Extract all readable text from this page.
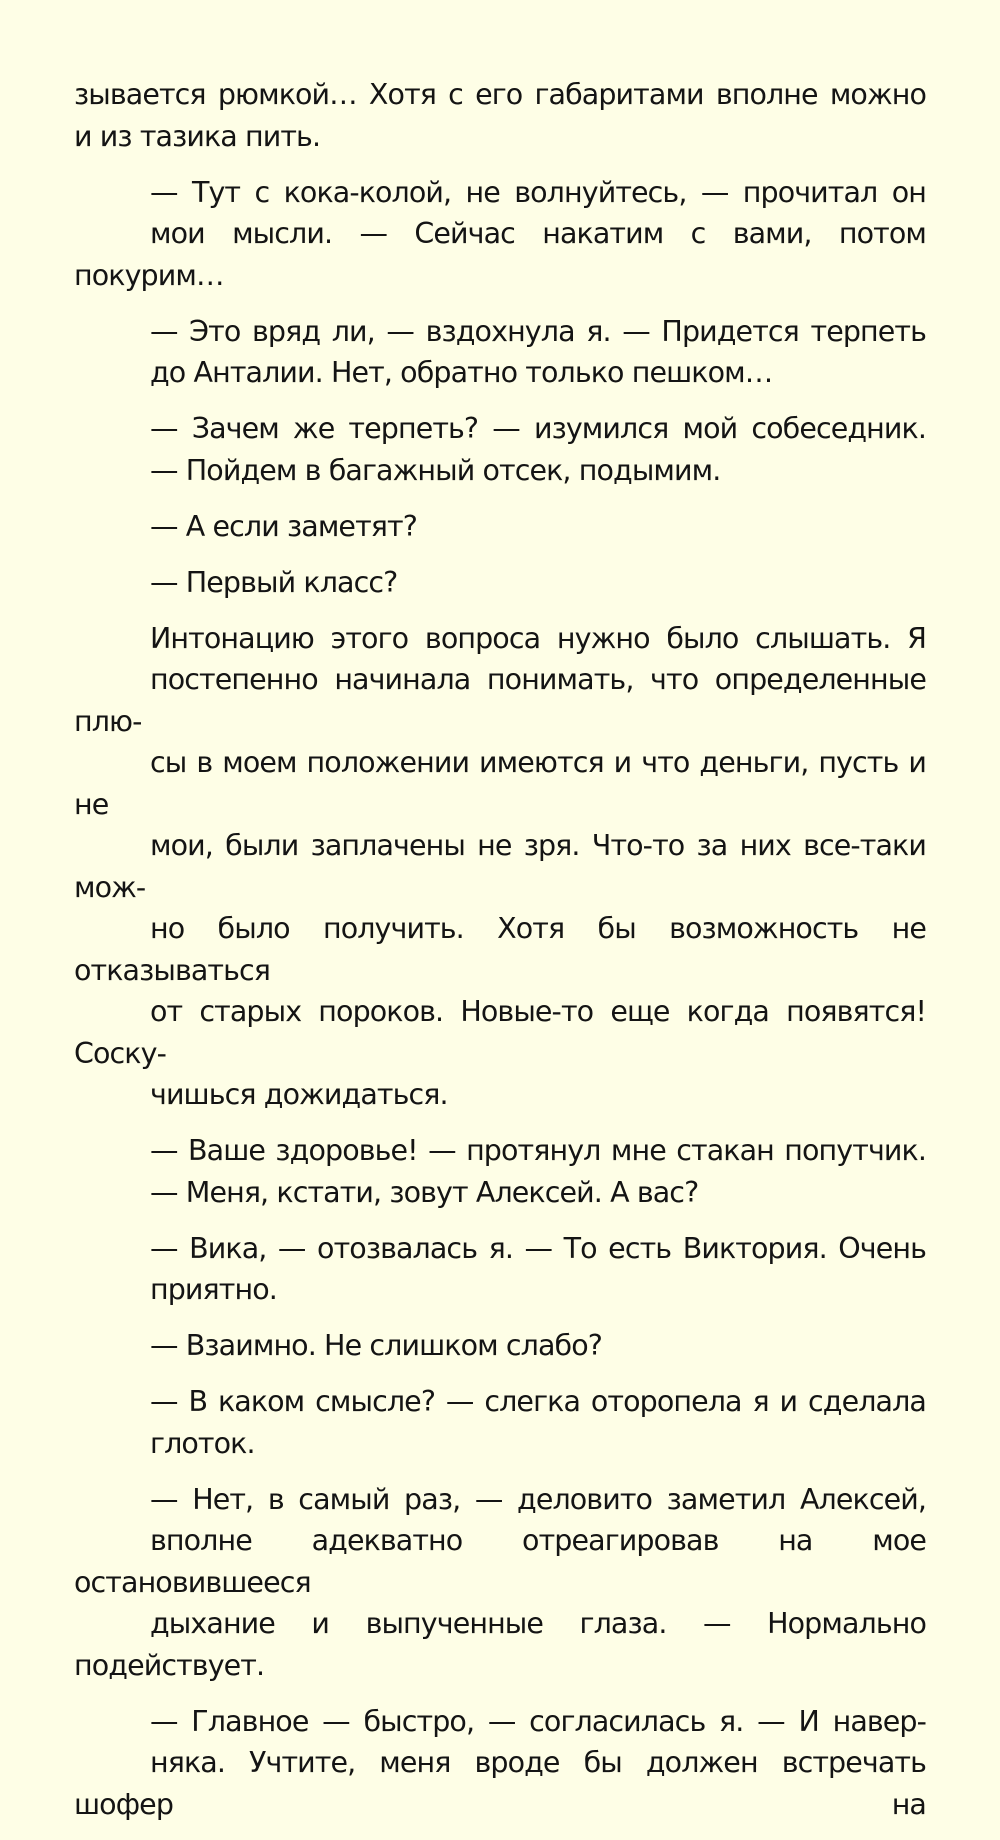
зывается рюмкой… Хотя с его габаритами вполне можно
и из тазика пить.
— Тут с кока-колой, не волнуйтесь, — прочитал он
мои мысли. — Сейчас накатим с вами, потом покурим…
— Это вряд ли, — вздохнула я. — Придется терпеть
до Анталии. Нет, обратно только пешком…
— Зачем же терпеть? — изумился мой собеседник.
— Пойдем в багажный отсек, подымим.
— А если заметят?
— Первый класс?
Интонацию этого вопроса нужно было слышать. Я
постепенно начинала понимать, что определенные плю-
сы в моем положении имеются и что деньги, пусть и не
мои, были заплачены не зря. Что-то за них все-таки мож-
но было получить. Хотя бы возможность не отказываться
от старых пороков. Новые-то еще когда появятся! Соску-
чишься дожидаться.
— Ваше здоровье! — протянул мне стакан попутчик.
— Меня, кстати, зовут Алексей. А вас?
— Вика, — отозвалась я. — То есть Виктория. Очень
приятно.
— Взаимно. Не слишком слабо?
— В каком смысле? — слегка оторопела я и сделала
глоток.
— Нет, в самый раз, — деловито заметил Алексей,
вполне адекватно отреагировав на мое остановившееся
дыхание и выпученные глаза. — Нормально подействует.
— Главное — быстро, — согласилась я. — И навер-
няка. Учтите, меня вроде бы должен встречать шофер на
